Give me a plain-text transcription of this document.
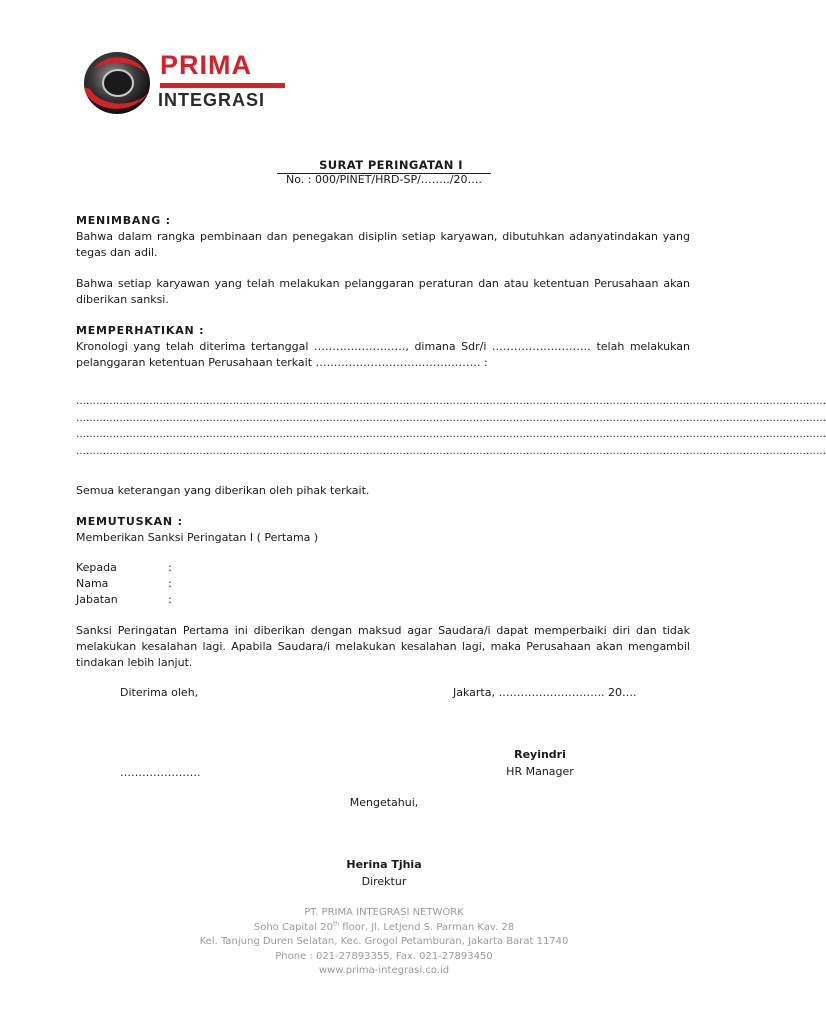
PRIMA
INTEGRASI
SURAT PERINGATAN I
No. : 000/PINET/HRD-SP/……../20….
MENIMBANG :

Bahwa dalam rangka pembinaan dan penegakan disiplin setiap karyawan, dibutuhkan adanyatindakan yang tegas dan adil.

Bahwa setiap karyawan yang telah melakukan pelanggaran peraturan dan atau ketentuan Perusahaan akan diberikan sanksi.

MEMPERHATIKAN :

Kronologi yang telah diterima tertanggal ……………………., dimana Sdr/i ……………………… telah melakukan pelanggaran ketentuan Perusahaan terkait ……………………………………… :

………………………………………………………………………………………………………………………………………………………………………………………………………

………………………………………………………………………………………………………………………………………………………………………………………………………

………………………………………………………………………………………………………………………………………………………………………………………………………

………………………………………………………………………………………………………………………………………………………………………………………………………

Semua keterangan yang diberikan oleh pihak terkait.

MEMUTUSKAN :

Memberikan Sanksi Peringatan I ( Pertama )

Kepada	:
Nama	:
Jabatan	:

Sanksi Peringatan Pertama ini diberikan dengan maksud agar Saudara/i dapat memperbaiki diri dan tidak melakukan kesalahan lagi. Apabila Saudara/i melakukan kesalahan lagi, maka Perusahaan akan mengambil tindakan lebih lanjut.

Diterima oleh,	Jakarta, ……………………….. 20….
………………….
Reyindri
HR Manager
Mengetahui,
Herina Tjhia
Direktur
PT. PRIMA INTEGRASI NETWORK
Soho Capital 20th floor, Jl. Letjend S. Parman Kav. 28
Kel. Tanjung Duren Selatan, Kec. Grogol Petamburan, Jakarta Barat 11740
Phone : 021-27893355, Fax. 021-27893450
www.prima-integrasi.co.id
